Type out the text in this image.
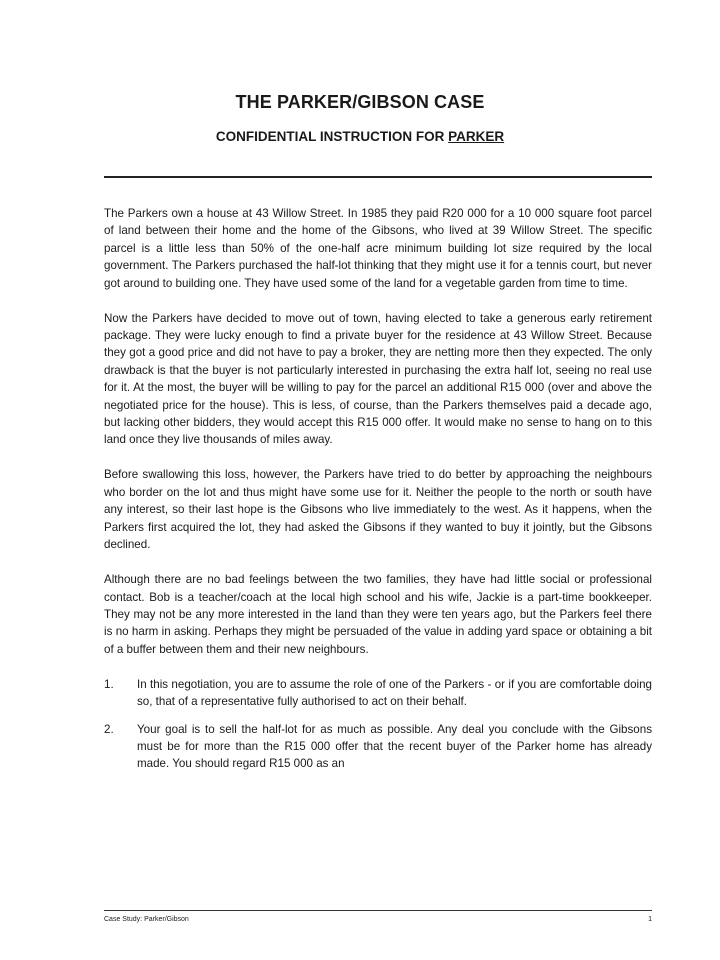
THE PARKER/GIBSON CASE
CONFIDENTIAL INSTRUCTION FOR PARKER

The Parkers own a house at 43 Willow Street. In 1985 they paid R20 000 for a 10 000 square foot parcel of land between their home and the home of the Gibsons, who lived at 39 Willow Street. The specific parcel is a little less than 50% of the one-half acre minimum building lot size required by the local government. The Parkers purchased the half-lot thinking that they might use it for a tennis court, but never got around to building one. They have used some of the land for a vegetable garden from time to time.

Now the Parkers have decided to move out of town, having elected to take a generous early retirement package. They were lucky enough to find a private buyer for the residence at 43 Willow Street. Because they got a good price and did not have to pay a broker, they are netting more then they expected. The only drawback is that the buyer is not particularly interested in purchasing the extra half lot, seeing no real use for it. At the most, the buyer will be willing to pay for the parcel an additional R15 000 (over and above the negotiated price for the house). This is less, of course, than the Parkers themselves paid a decade ago, but lacking other bidders, they would accept this R15 000 offer. It would make no sense to hang on to this land once they live thousands of miles away.

Before swallowing this loss, however, the Parkers have tried to do better by approaching the neighbours who border on the lot and thus might have some use for it. Neither the people to the north or south have any interest, so their last hope is the Gibsons who live immediately to the west. As it happens, when the Parkers first acquired the lot, they had asked the Gibsons if they wanted to buy it jointly, but the Gibsons declined.

Although there are no bad feelings between the two families, they have had little social or professional contact. Bob is a teacher/coach at the local high school and his wife, Jackie is a part-time bookkeeper. They may not be any more interested in the land than they were ten years ago, but the Parkers feel there is no harm in asking. Perhaps they might be persuaded of the value in adding yard space or obtaining a bit of a buffer between them and their new neighbours.

1.	In this negotiation, you are to assume the role of one of the Parkers - or if you are comfortable doing so, that of a representative fully authorised to act on their behalf.
2.	Your goal is to sell the half-lot for as much as possible. Any deal you conclude with the Gibsons must be for more than the R15 000 offer that the recent buyer of the Parker home has already made. You should regard R15 000 as an
Case Study: Parker/Gibson	1
